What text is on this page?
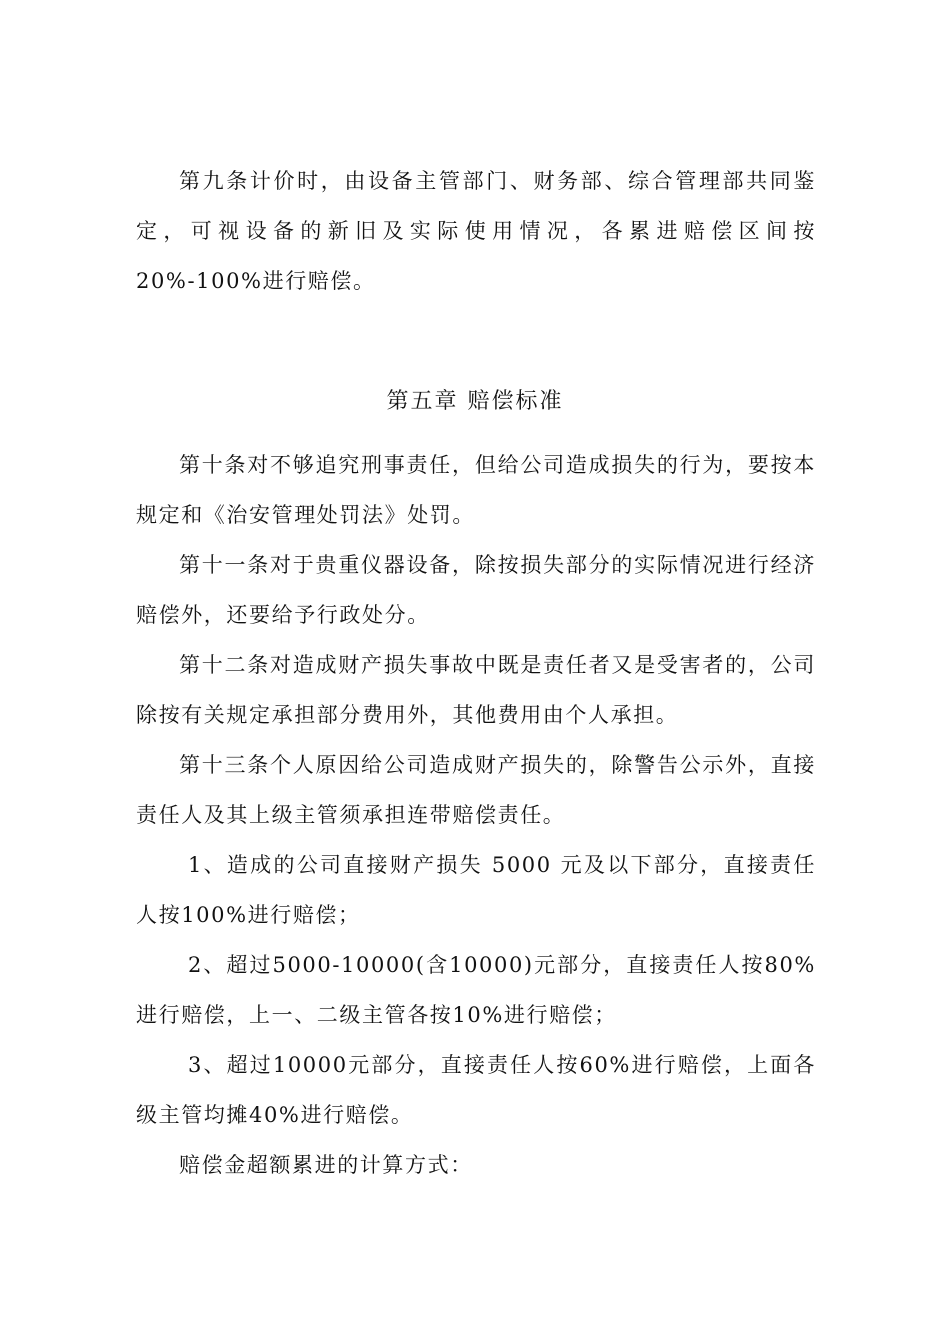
第九条计价时，由设备主管部门、财务部、综合管理部共同鉴定，可视设备的新旧及实际使用情况，各累进赔偿区间按20%-100%进行赔偿。

第五章 赔偿标准

第十条对不够追究刑事责任，但给公司造成损失的行为，要按本规定和《治安管理处罚法》处罚。

第十一条对于贵重仪器设备，除按损失部分的实际情况进行经济赔偿外，还要给予行政处分。

第十二条对造成财产损失事故中既是责任者又是受害者的，公司除按有关规定承担部分费用外，其他费用由个人承担。

第十三条个人原因给公司造成财产损失的，除警告公示外，直接责任人及其上级主管须承担连带赔偿责任。

1、造成的公司直接财产损失 5000 元及以下部分，直接责任人按100%进行赔偿；

2、超过5000-10000(含10000)元部分，直接责任人按80%进行赔偿，上一、二级主管各按10%进行赔偿；

3、超过10000元部分，直接责任人按60%进行赔偿，上面各级主管均摊40%进行赔偿。

赔偿金超额累进的计算方式：
